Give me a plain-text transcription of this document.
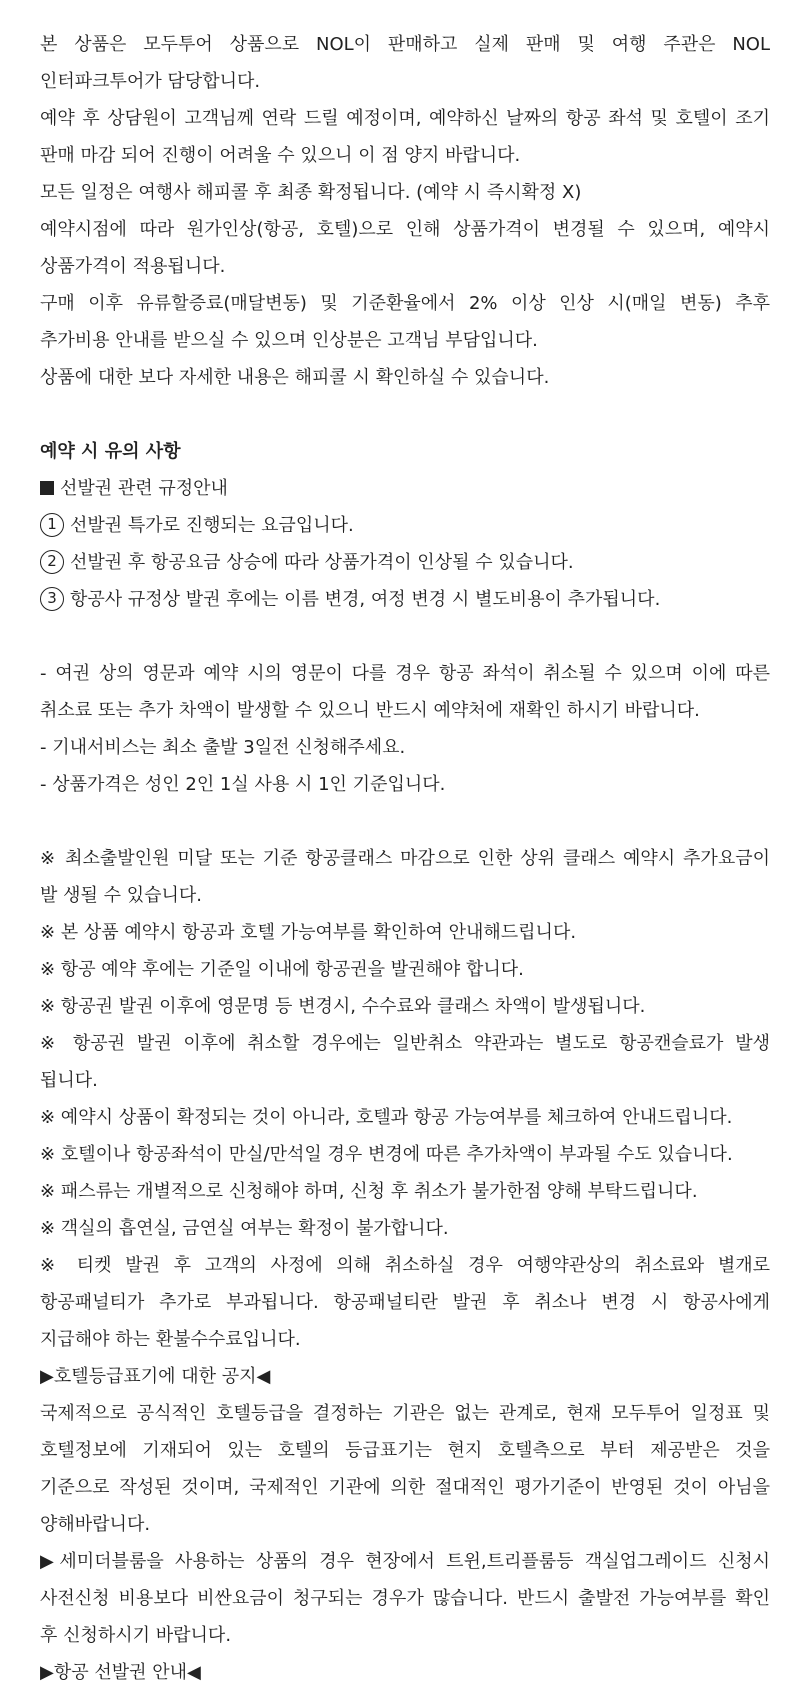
본 상품은 모두투어 상품으로 NOL이 판매하고 실제 판매 및 여행 주관은 NOL
인터파크투어가 담당합니다.
예약 후 상담원이 고객님께 연락 드릴 예정이며, 예약하신 날짜의 항공 좌석 및 호텔이 조기
판매 마감 되어 진행이 어려울 수 있으니 이 점 양지 바랍니다.
모든 일정은 여행사 해피콜 후 최종 확정됩니다. (예약 시 즉시확정 X)
예약시점에 따라 원가인상(항공, 호텔)으로 인해 상품가격이 변경될 수 있으며, 예약시
상품가격이 적용됩니다.
구매 이후 유류할증료(매달변동) 및 기준환율에서 2% 이상 인상 시(매일 변동) 추후
추가비용 안내를 받으실 수 있으며 인상분은 고객님 부담입니다.
상품에 대한 보다 자세한 내용은 해피콜 시 확인하실 수 있습니다.
예약 시 유의 사항
선발권 관련 규정안내
1 선발권 특가로 진행되는 요금입니다.
2 선발권 후 항공요금 상승에 따라 상품가격이 인상될 수 있습니다.
3 항공사 규정상 발권 후에는 이름 변경, 여정 변경 시 별도비용이 추가됩니다.
- 여권 상의 영문과 예약 시의 영문이 다를 경우 항공 좌석이 취소될 수 있으며 이에 따른
취소료 또는 추가 차액이 발생할 수 있으니 반드시 예약처에 재확인 하시기 바랍니다.
- 기내서비스는 최소 출발 3일전 신청해주세요.
- 상품가격은 성인 2인 1실 사용 시 1인 기준입니다.
※ 최소출발인원 미달 또는 기준 항공클래스 마감으로 인한 상위 클래스 예약시 추가요금이
발 생될 수 있습니다.
※ 본 상품 예약시 항공과 호텔 가능여부를 확인하여 안내해드립니다.
※ 항공 예약 후에는 기준일 이내에 항공권을 발권해야 합니다.
※ 항공권 발권 이후에 영문명 등 변경시, 수수료와 클래스 차액이 발생됩니다.
※ 항공권 발권 이후에 취소할 경우에는 일반취소 약관과는 별도로 항공캔슬료가 발생
됩니다.
※ 예약시 상품이 확정되는 것이 아니라, 호텔과 항공 가능여부를 체크하여 안내드립니다.
※ 호텔이나 항공좌석이 만실/만석일 경우 변경에 따른 추가차액이 부과될 수도 있습니다.
※ 패스류는 개별적으로 신청해야 하며, 신청 후 취소가 불가한점 양해 부탁드립니다.
※ 객실의 흡연실, 금연실 여부는 확정이 불가합니다.
※ 티켓 발권 후 고객의 사정에 의해 취소하실 경우 여행약관상의 취소료와 별개로
항공패널티가 추가로 부과됩니다. 항공패널티란 발권 후 취소나 변경 시 항공사에게
지급해야 하는 환불수수료입니다.
▶호텔등급표기에 대한 공지◀
국제적으로 공식적인 호텔등급을 결정하는 기관은 없는 관계로, 현재 모두투어 일정표 및
호텔정보에 기재되어 있는 호텔의 등급표기는 현지 호텔측으로 부터 제공받은 것을
기준으로 작성된 것이며, 국제적인 기관에 의한 절대적인 평가기준이 반영된 것이 아님을
양해바랍니다.
▶세미더블룸을 사용하는 상품의 경우 현장에서 트윈,트리플룸등 객실업그레이드 신청시
사전신청 비용보다 비싼요금이 청구되는 경우가 많습니다. 반드시 출발전 가능여부를 확인
후 신청하시기 바랍니다.
▶항공 선발권 안내◀
